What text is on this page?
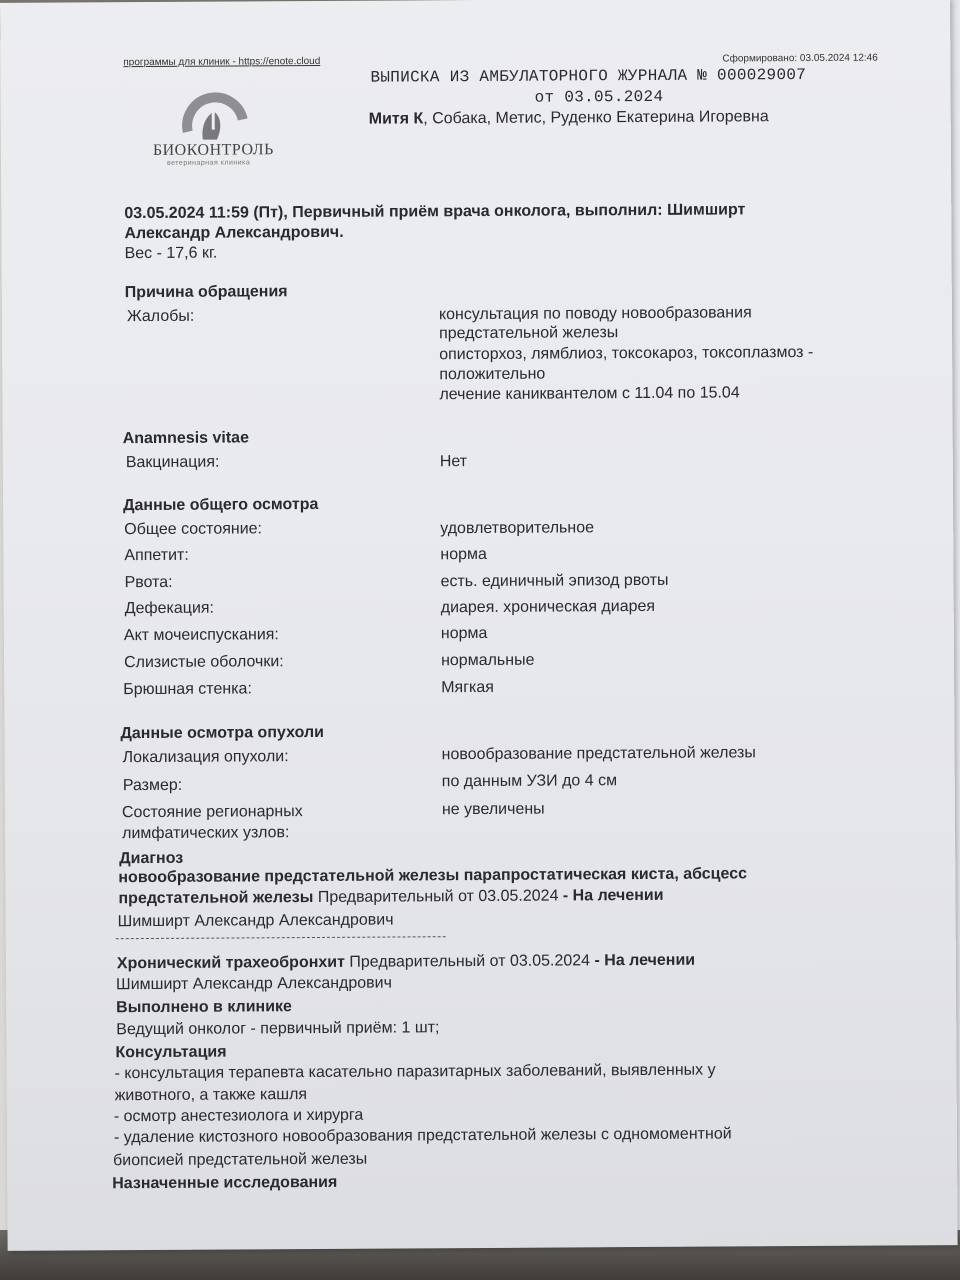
программы для клиник - https://enote.cloud	Сформировано: 03.05.2024 12:46
БИОКОНТРОЛЬ
ветеринарная клиника
ВЫПИСКА ИЗ АМБУЛАТОРНОГО ЖУРНАЛА № 000029007
от 03.05.2024
Митя К, Собака, Метис, Руденко Екатерина Игоревна
03.05.2024 11:59 (Пт), Первичный приём врача онколога, выполнил: Шимширт
Александр Александрович.
Вес - 17,6 кг.
Причина обращения
Жалобы:	консультация по поводу новообразования
предстательной железы
описторхоз, лямблиоз, токсокароз, токсоплазмоз -
положительно
лечение каниквантелом с 11.04 по 15.04
Anamnesis vitae
Вакцинация:	Нет
Данные общего осмотра
Общее состояние:	удовлетворительное
Аппетит:	норма
Рвота:	есть. единичный эпизод рвоты
Дефекация:	диарея. хроническая диарея
Акт мочеиспускания:	норма
Слизистые оболочки:	нормальные
Брюшная стенка:	Мягкая
Данные осмотра опухоли
Локализация опухоли:	новообразование предстательной железы
Размер:	по данным УЗИ до 4 см
Состояние регионарных
лимфатических узлов:
не увеличены
Диагноз
новообразование предстательной железы парапростатическая киста, абсцесс
предстательной железы Предварительный от 03.05.2024 - На лечении
Шимширт Александр Александрович
Хронический трахеобронхит Предварительный от 03.05.2024 - На лечении
Шимширт Александр Александрович
Выполнено в клинике
Ведущий онколог - первичный приём: 1 шт;
Консультация
- консультация терапевта касательно паразитарных заболеваний, выявленных у
животного, а также кашля
- осмотр анестезиолога и хирурга
- удаление кистозного новообразования предстательной железы с одномоментной
биопсией предстательной железы
Назначенные исследования
